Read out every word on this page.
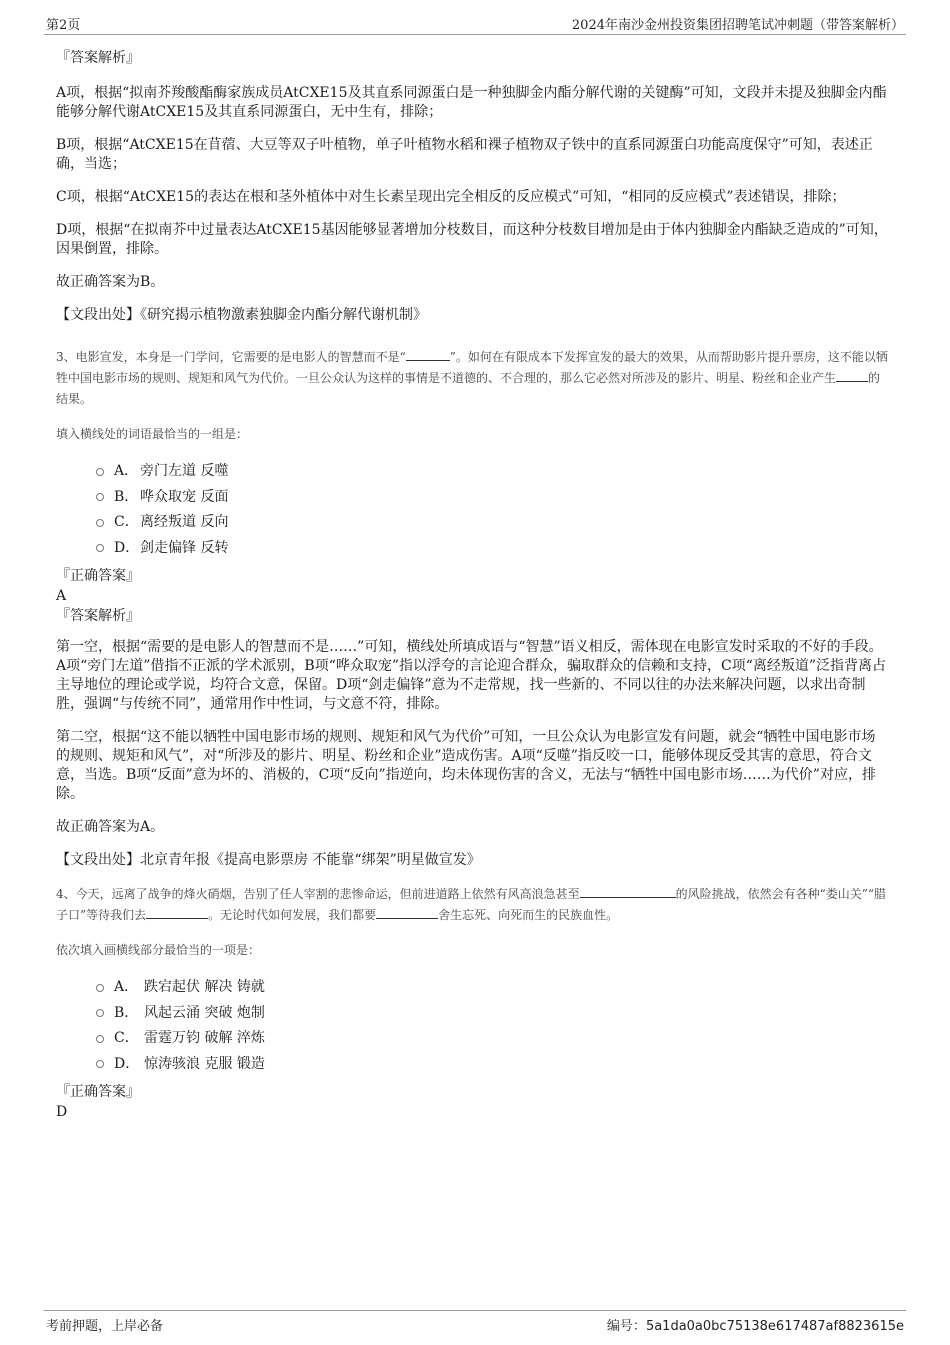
第2页	2024年南沙金州投资集团招聘笔试冲刺题（带答案解析）

『答案解析』

A项，根据“拟南芥羧酸酯酶家族成员AtCXE15及其直系同源蛋白是一种独脚金内酯分解代谢的关键酶”可知，文段并未提及独脚金内酯能够分解代谢AtCXE15及其直系同源蛋白，无中生有，排除；

B项，根据“AtCXE15在苜蓿、大豆等双子叶植物，单子叶植物水稻和裸子植物双子铁中的直系同源蛋白功能高度保守”可知，表述正确，当选；

C项，根据“AtCXE15的表达在根和茎外植体中对生长素呈现出完全相反的反应模式”可知，“相同的反应模式”表述错误，排除；

D项，根据“在拟南芥中过量表达AtCXE15基因能够显著增加分枝数目，而这种分枝数目增加是由于体内独脚金内酯缺乏造成的”可知，因果倒置，排除。

故正确答案为B。

【文段出处】《研究揭示植物激素独脚金内酯分解代谢机制》

3、电影宣发，本身是一门学问，它需要的是电影人的智慧而不是“	”。如何在有限成本下发挥宣发的最大的效果，从而帮助影片提升票房，这不能以牺牲中国电影市场的规则、规矩和风气为代价。一旦公众认为这样的事情是不道德的、不合理的，那么它必然对所涉及的影片、明星、粉丝和企业产生	的结果。

填入横线处的词语最恰当的一组是：

A． 旁门左道 反噬
B． 哗众取宠 反面
C． 离经叛道 反向
D． 剑走偏锋 反转

『正确答案』

A

『答案解析』

第一空，根据“需要的是电影人的智慧而不是……”可知，横线处所填成语与“智慧”语义相反，需体现在电影宣发时采取的不好的手段。A项“旁门左道”借指不正派的学术派别，B项“哗众取宠”指以浮夸的言论迎合群众，骗取群众的信赖和支持，C项“离经叛道”泛指背离占主导地位的理论或学说，均符合文意，保留。D项“剑走偏锋”意为不走常规，找一些新的、不同以往的办法来解决问题，以求出奇制胜，强调“与传统不同”，通常用作中性词，与文意不符，排除。

第二空，根据“这不能以牺牲中国电影市场的规则、规矩和风气为代价”可知，一旦公众认为电影宣发有问题，就会“牺牲中国电影市场的规则、规矩和风气”，对“所涉及的影片、明星、粉丝和企业”造成伤害。A项“反噬”指反咬一口，能够体现反受其害的意思，符合文意，当选。B项“反面”意为坏的、消极的，C项“反向”指逆向，均未体现伤害的含义，无法与“牺牲中国电影市场……为代价”对应，排除。

故正确答案为A。

【文段出处】北京青年报《提高电影票房 不能靠“绑架”明星做宣发》

4、今天，远离了战争的烽火硝烟，告别了任人宰割的悲惨命运，但前进道路上依然有风高浪急甚至	的风险挑战，依然会有各种“娄山关”“腊子口”等待我们去	。无论时代如何发展，我们都要	舍生忘死、向死而生的民族血性。

依次填入画横线部分最恰当的一项是：

A． 跌宕起伏 解决 铸就
B． 风起云涌 突破 炮制
C． 雷霆万钧 破解 淬炼
D． 惊涛骇浪 克服 锻造

『正确答案』

D

考前押题，上岸必备	编号：5a1da0a0bc75138e617487af8823615e
